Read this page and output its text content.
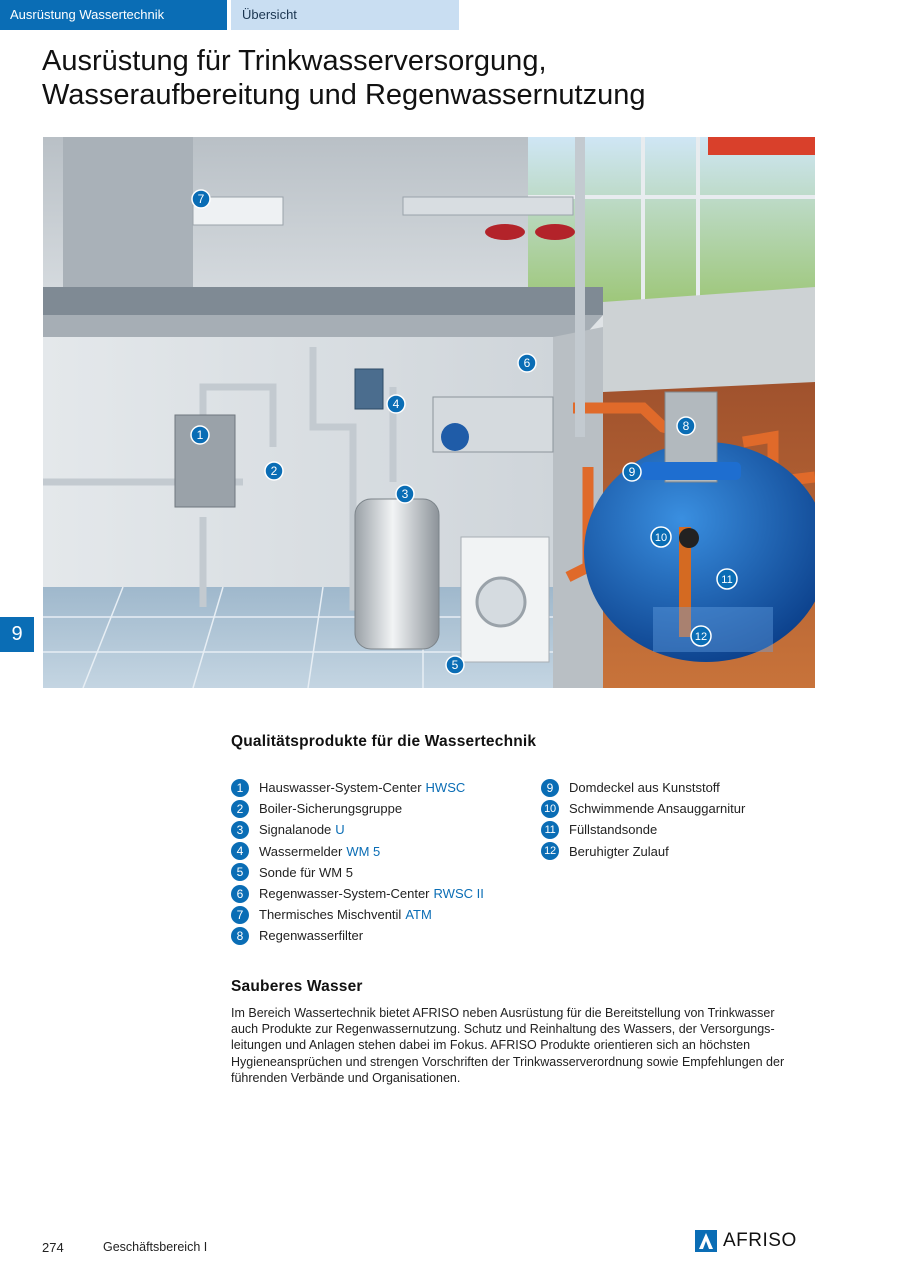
Ausrüstung Wassertechnik	Übersicht
Ausrüstung für Trinkwasserversorgung,
Wasseraufbereitung und Regenwassernutzung
1
2
3
4
5
6
7
8
9
10
11
12
9
Qualitätsprodukte für die Wassertechnik
1	Hauswasser-System-Center HWSC
2	Boiler-Sicherungsgruppe
3	Signalanode U
4	Wassermelder WM 5
5	Sonde für WM 5
6	Regenwasser-System-Center RWSC II
7	Thermisches Mischventil ATM
8	Regenwasserfilter
9	Domdeckel aus Kunststoff
10 Schwimmende Ansauggarnitur
11 Füllstandsonde
12 Beruhigter Zulauf
Sauberes Wasser

Im Bereich Wassertechnik bietet AFRISO neben Ausrüstung für die Bereitstellung von Trinkwasser auch Produkte zur Regenwassernutzung. Schutz und Reinhaltung des Wassers, der Versorgungsleitungen und Anlagen stehen dabei im Fokus. AFRISO Produkte orientieren sich an höchsten Hygieneansprüchen und strengen Vorschriften der Trinkwasserverordnung sowie Empfehlungen der führenden Verbände und Organisationen.

274	Geschäftsbereich I	AFRISO
